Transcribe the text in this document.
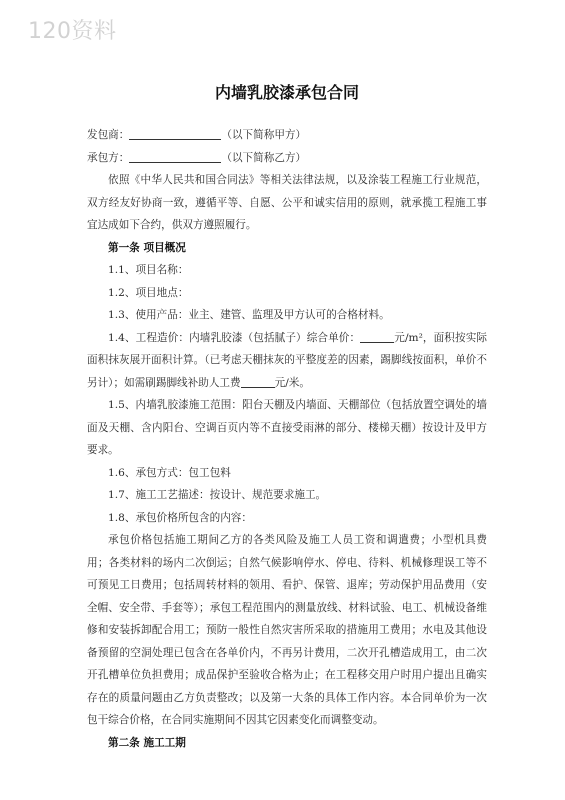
120资料
内墙乳胶漆承包合同
发包商：	（以下简称甲方）
承包方：	（以下简称乙方）
依照《中华人民共和国合同法》等相关法律法规，以及涂装工程施工行业规范，双方经友好协商一致，遵循平等、自愿、公平和诚实信用的原则，就承揽工程施工事宜达成如下合约，供双方遵照履行。
第一条 项目概况
1.1、项目名称：
1.2、项目地点：
1.3、使用产品：业主、建管、监理及甲方认可的合格材料。
1.4、工程造价：内墙乳胶漆（包括腻子）综合单价：	元/m²，面积按实际面积抹灰展开面积计算。（已考虑天棚抹灰的平整度差的因素，踢脚线按面积，单价不另计）；如需刷踢脚线补助人工费	元/米。
1.5、内墙乳胶漆施工范围：阳台天棚及内墙面、天棚部位（包括放置空调处的墙面及天棚、含内阳台、空调百页内等不直接受雨淋的部分、楼梯天棚）按设计及甲方要求。
1.6、承包方式：包工包料
1.7、施工工艺描述：按设计、规范要求施工。
1.8、承包价格所包含的内容：
承包价格包括施工期间乙方的各类风险及施工人员工资和调遣费；小型机具费用；各类材料的场内二次倒运；自然气候影响停水、停电、待料、机械修理误工等不可预见工日费用；包括周转材料的领用、看护、保管、退库；劳动保护用品费用（安全帽、安全带、手套等）；承包工程范围内的测量放线、材料试验、电工、机械设备维修和安装拆卸配合用工；预防一般性自然灾害所采取的措施用工费用；水电及其他设备预留的空洞处理已包含在各单价内，不再另计费用，二次开孔槽造成用工，由二次开孔槽单位负担费用；成品保护至验收合格为止；在工程移交用户时用户提出且确实存在的质量问题由乙方负责整改；以及第一大条的具体工作内容。本合同单价为一次包干综合价格，在合同实施期间不因其它因素变化而调整变动。
第二条 施工工期
